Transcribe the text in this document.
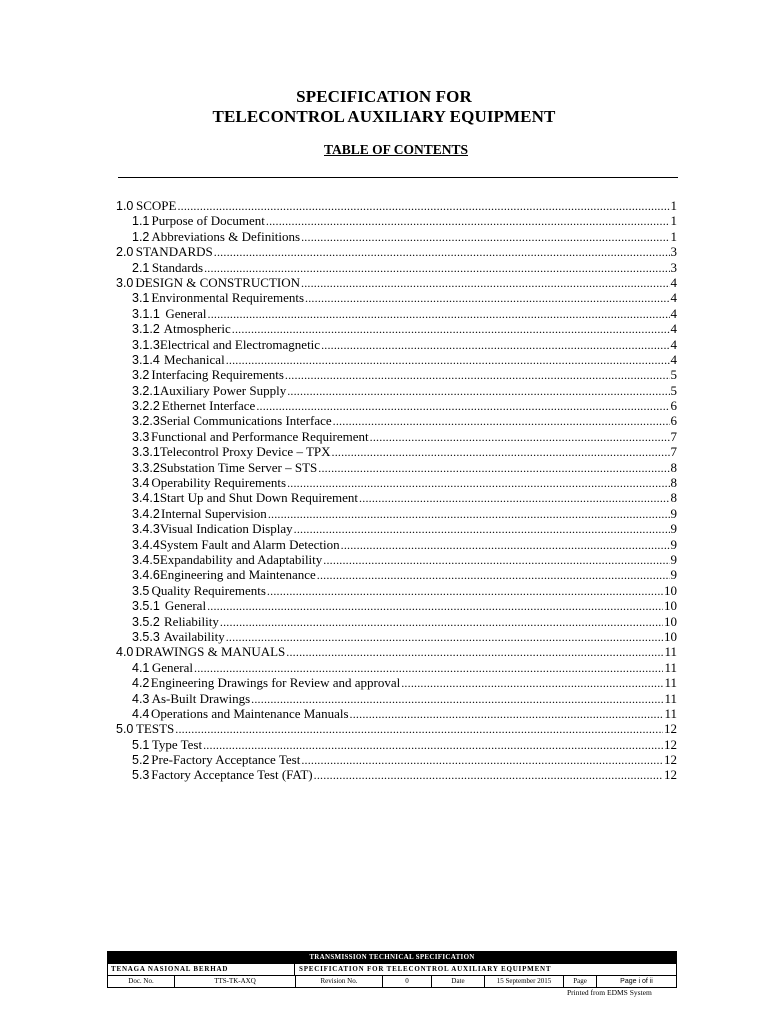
SPECIFICATION FOR
TELECONTROL AUXILIARY EQUIPMENT
TABLE OF CONTENTS
1.0 SCOPE .....	1
1.1 Purpose of Document .....	1
1.2 Abbreviations & Definitions .....	1
2.0 STANDARDS .....	3
2.1 Standards .....	3
3.0 DESIGN & CONSTRUCTION .....	4
3.1 Environmental Requirements .....	4
3.1.1 General .....	4
3.1.2 Atmospheric .....	4
3.1.3 Electrical and Electromagnetic .....	4
3.1.4 Mechanical .....	4
3.2 Interfacing Requirements .....	5
3.2.1 Auxiliary Power Supply .....	5
3.2.2 Ethernet Interface .....	6
3.2.3 Serial Communications Interface .....	6
3.3 Functional and Performance Requirement .....	7
3.3.1 Telecontrol Proxy Device – TPX .....	7
3.3.2 Substation Time Server – STS .....	8
3.4 Operability Requirements .....	8
3.4.1 Start Up and Shut Down Requirement .....	8
3.4.2 Internal Supervision .....	9
3.4.3 Visual Indication Display .....	9
3.4.4 System Fault and Alarm Detection .....	9
3.4.5 Expandability and Adaptability .....	9
3.4.6 Engineering and Maintenance .....	9
3.5 Quality Requirements .....	10
3.5.1 General .....	10
3.5.2 Reliability .....	10
3.5.3 Availability .....	10
4.0 DRAWINGS & MANUALS .....	11
4.1 General .....	11
4.2 Engineering Drawings for Review and approval .....	11
4.3 As-Built Drawings .....	11
4.4 Operations and Maintenance Manuals .....	11
5.0 TESTS .....	12
5.1 Type Test .....	12
5.2 Pre-Factory Acceptance Test .....	12
5.3 Factory Acceptance Test (FAT) .....	12
TRANSMISSION TECHNICAL SPECIFICATION
TENAGA NASIONAL BERHAD	SPECIFICATION FOR TELECONTROL AUXILIARY EQUIPMENT
Doc. No.	TTS-TK-AXQ	Revision No.	0	Date	15 September 2015	Page	Page i of ii
Printed from EDMS System
